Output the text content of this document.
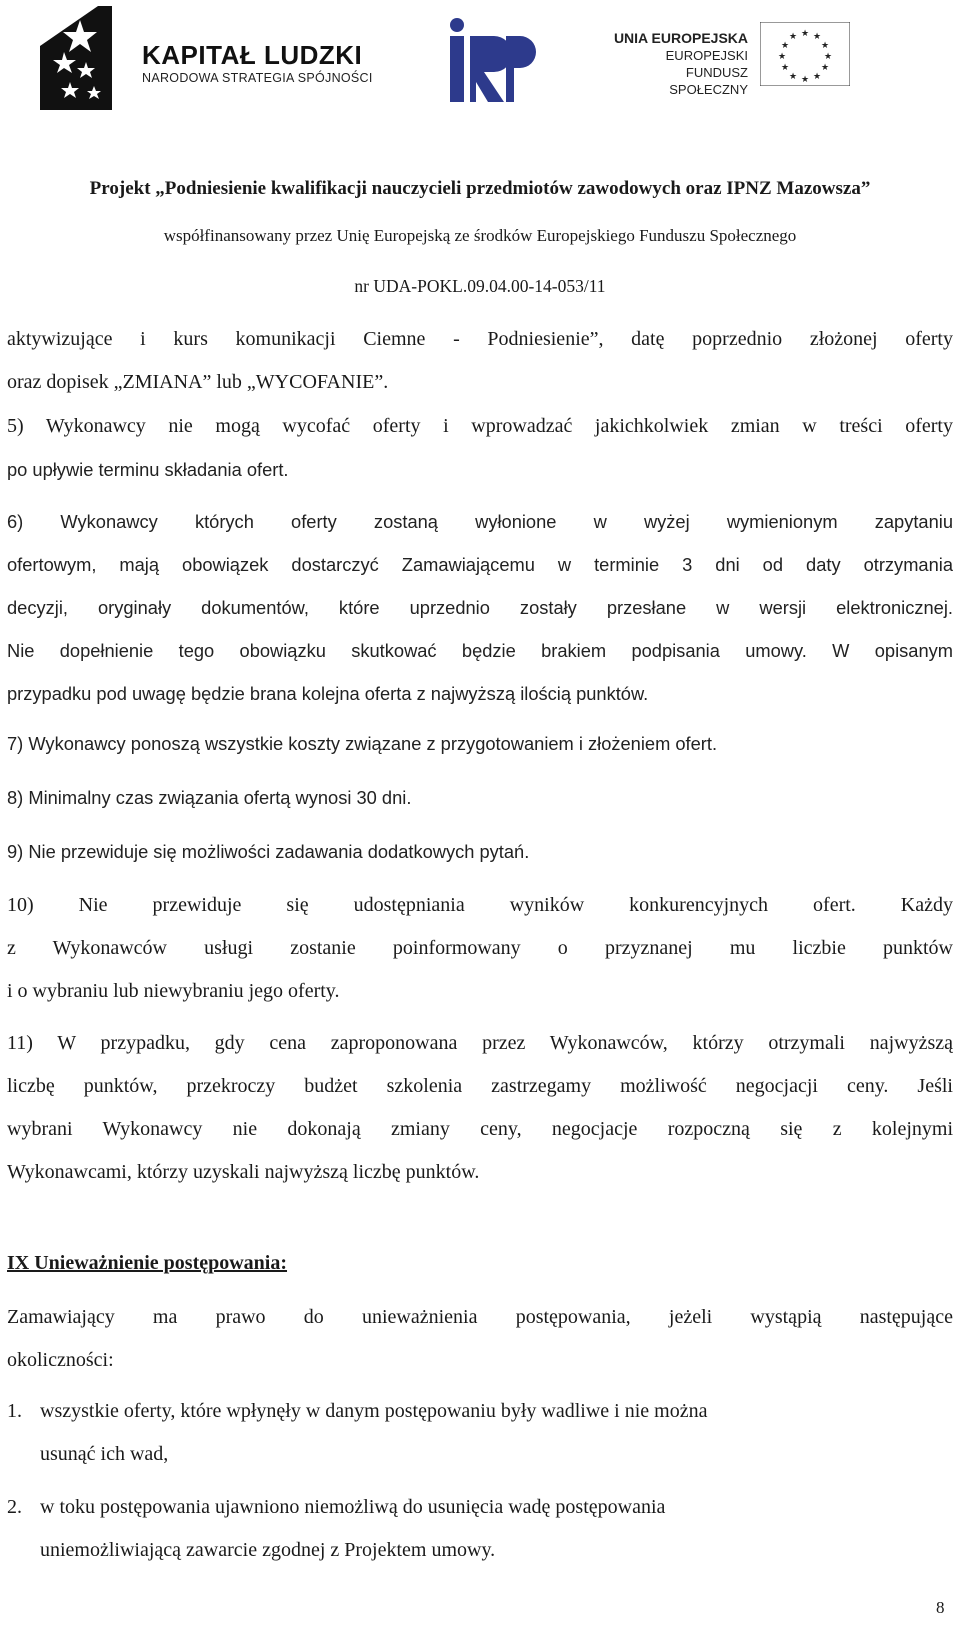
KAPITAŁ LUDZKI
NARODOWA STRATEGIA SPÓJNOŚCI
UNIA EUROPEJSKA
EUROPEJSKI
FUNDUSZ SPOŁECZNY
★ ★
★
★
★
★
★
★
★
★
★
★
Projekt „Podniesienie kwalifikacji nauczycieli przedmiotów zawodowych oraz IPNZ Mazowsza”
współfinansowany przez Unię Europejską ze środków Europejskiego Funduszu Społecznego
nr UDA-POKL.09.04.00-14-053/11
aktywizujące i kurs komunikacji Ciemne - Podniesienie”, datę poprzednio złożonej oferty
oraz dopisek „ZMIANA” lub „WYCOFANIE”.
5) Wykonawcy nie mogą wycofać oferty i wprowadzać jakichkolwiek zmian w treści oferty
po upływie terminu składania ofert.
6) Wykonawcy których oferty zostaną wyłonione w wyżej wymienionym zapytaniu
ofertowym, mają obowiązek dostarczyć Zamawiającemu w terminie 3 dni od daty otrzymania
decyzji, oryginały dokumentów, które uprzednio zostały przesłane w wersji elektronicznej.
Nie dopełnienie tego obowiązku skutkować będzie brakiem podpisania umowy. W opisanym
przypadku pod uwagę będzie brana kolejna oferta z najwyższą ilością punktów.
7) Wykonawcy ponoszą wszystkie koszty związane z przygotowaniem i złożeniem ofert.
8) Minimalny czas związania ofertą wynosi 30 dni.
9) Nie przewiduje się możliwości zadawania dodatkowych pytań.
10) Nie przewiduje się udostępniania wyników konkurencyjnych ofert. Każdy
z Wykonawców usługi zostanie poinformowany o przyznanej mu liczbie punktów
i o wybraniu lub niewybraniu jego oferty.
11) W przypadku, gdy cena zaproponowana przez Wykonawców, którzy otrzymali najwyższą
liczbę punktów, przekroczy budżet szkolenia zastrzegamy możliwość negocjacji ceny. Jeśli
wybrani Wykonawcy nie dokonają zmiany ceny, negocjacje rozpoczną się z kolejnymi
Wykonawcami, którzy uzyskali najwyższą liczbę punktów.
IX Unieważnienie postępowania:
Zamawiający ma prawo do unieważnienia postępowania, jeżeli wystąpią następujące
okoliczności:
1. wszystkie oferty, które wpłynęły w danym postępowaniu były wadliwe i nie można
usunąć ich wad,
2. w toku postępowania ujawniono niemożliwą do usunięcia wadę postępowania
uniemożliwiającą zawarcie zgodnej z Projektem umowy.
8
